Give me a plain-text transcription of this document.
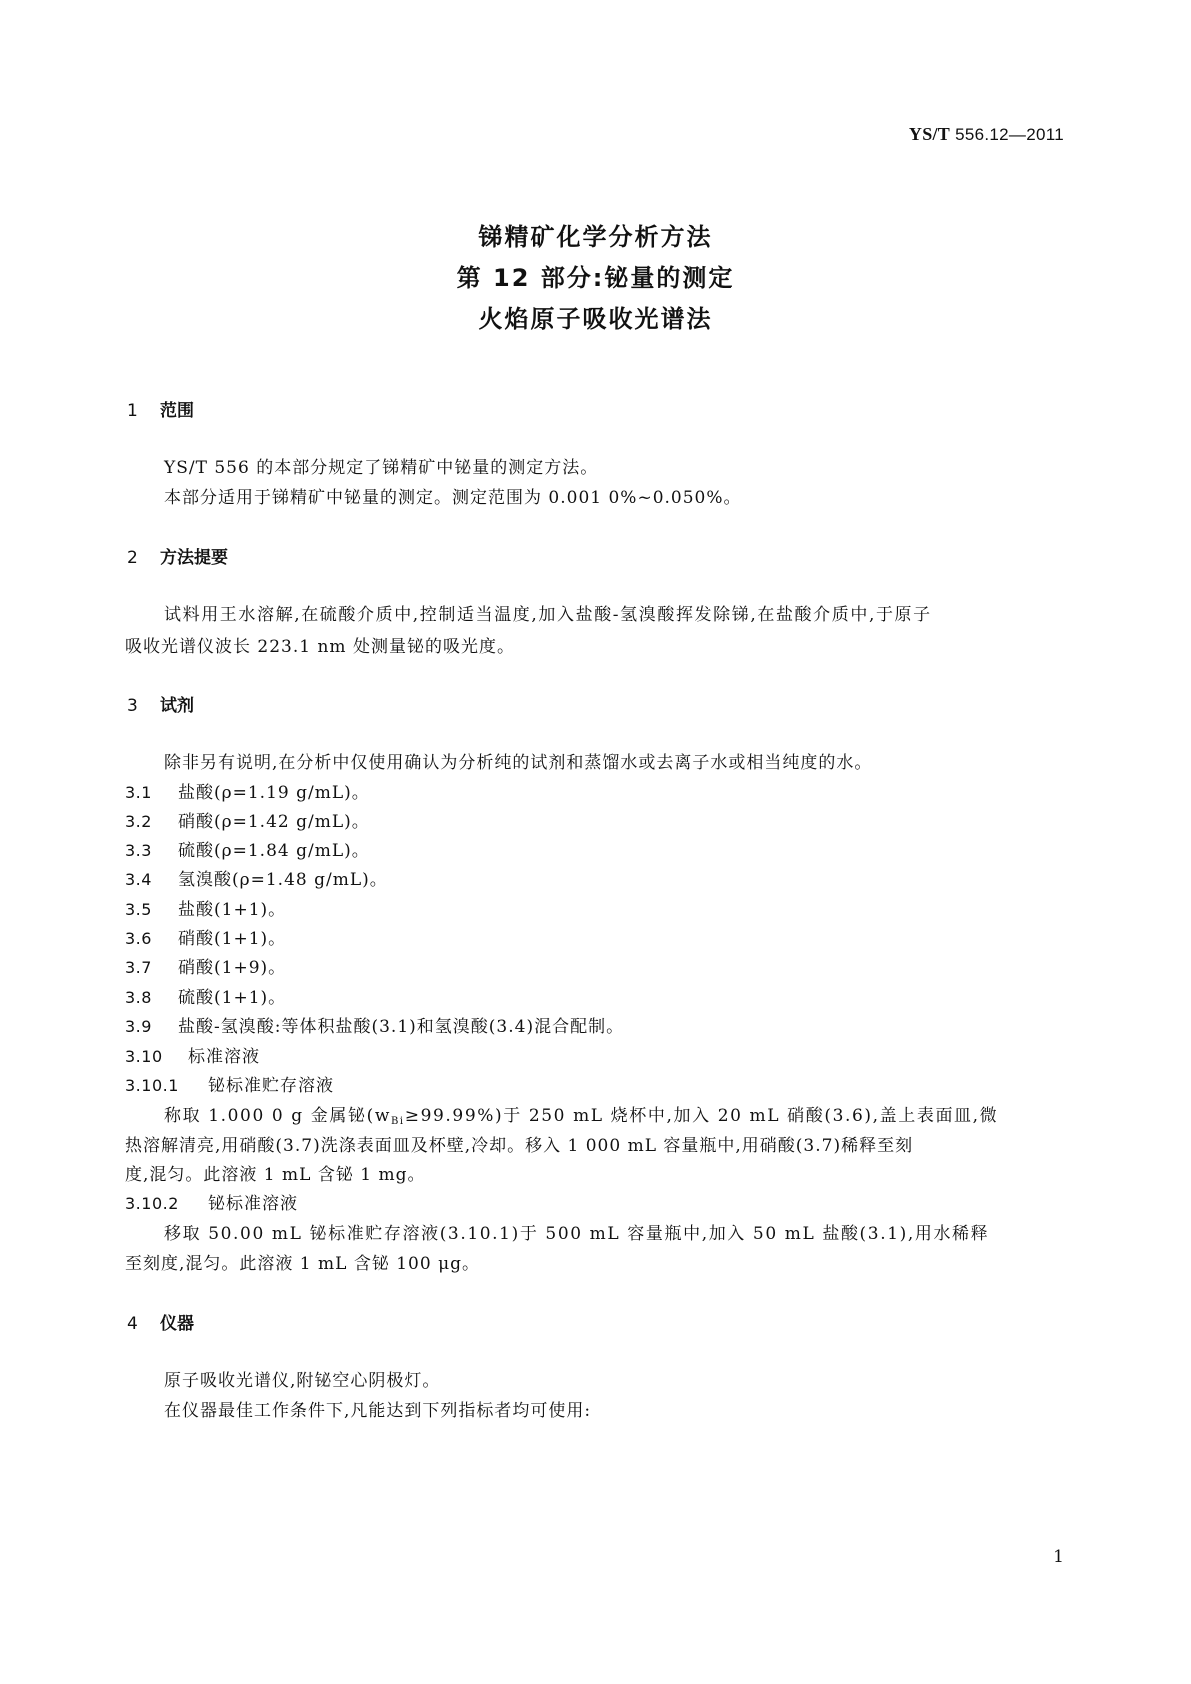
YS/T 556.12—2011
锑精矿化学分析方法
第 12 部分:铋量的测定
火焰原子吸收光谱法
1 范围
YS/T 556 的本部分规定了锑精矿中铋量的测定方法。
本部分适用于锑精矿中铋量的测定。测定范围为 0.001 0%~0.050%。
2 方法提要
试料用王水溶解,在硫酸介质中,控制适当温度,加入盐酸-氢溴酸挥发除锑,在盐酸介质中,于原子
吸收光谱仪波长 223.1 nm 处测量铋的吸光度。
3 试剂
除非另有说明,在分析中仅使用确认为分析纯的试剂和蒸馏水或去离子水或相当纯度的水。
3.1 盐酸(ρ=1.19 g/mL)。
3.2 硝酸(ρ=1.42 g/mL)。
3.3 硫酸(ρ=1.84 g/mL)。
3.4 氢溴酸(ρ=1.48 g/mL)。
3.5 盐酸(1+1)。
3.6 硝酸(1+1)。
3.7 硝酸(1+9)。
3.8 硫酸(1+1)。
3.9 盐酸-氢溴酸:等体积盐酸(3.1)和氢溴酸(3.4)混合配制。
3.10 标准溶液
3.10.1 铋标准贮存溶液
称取 1.000 0 g 金属铋$(w_{Bi}\ge 99.99\%)$于 250 mL 烧杯中,加入 20 mL 硝酸(3.6),盖上表面皿,微
热溶解清亮,用硝酸(3.7)洗涤表面皿及杯壁,冷却。移入 1 000 mL 容量瓶中,用硝酸(3.7)稀释至刻
度,混匀。此溶液 1 mL 含铋 1 mg。
3.10.2 铋标准溶液
移取 50.00 mL 铋标准贮存溶液(3.10.1)于 500 mL 容量瓶中,加入 50 mL 盐酸(3.1),用水稀释
至刻度,混匀。此溶液 1 mL 含铋 100 μg。
4 仪器
原子吸收光谱仪,附铋空心阴极灯。
在仪器最佳工作条件下,凡能达到下列指标者均可使用:
1
